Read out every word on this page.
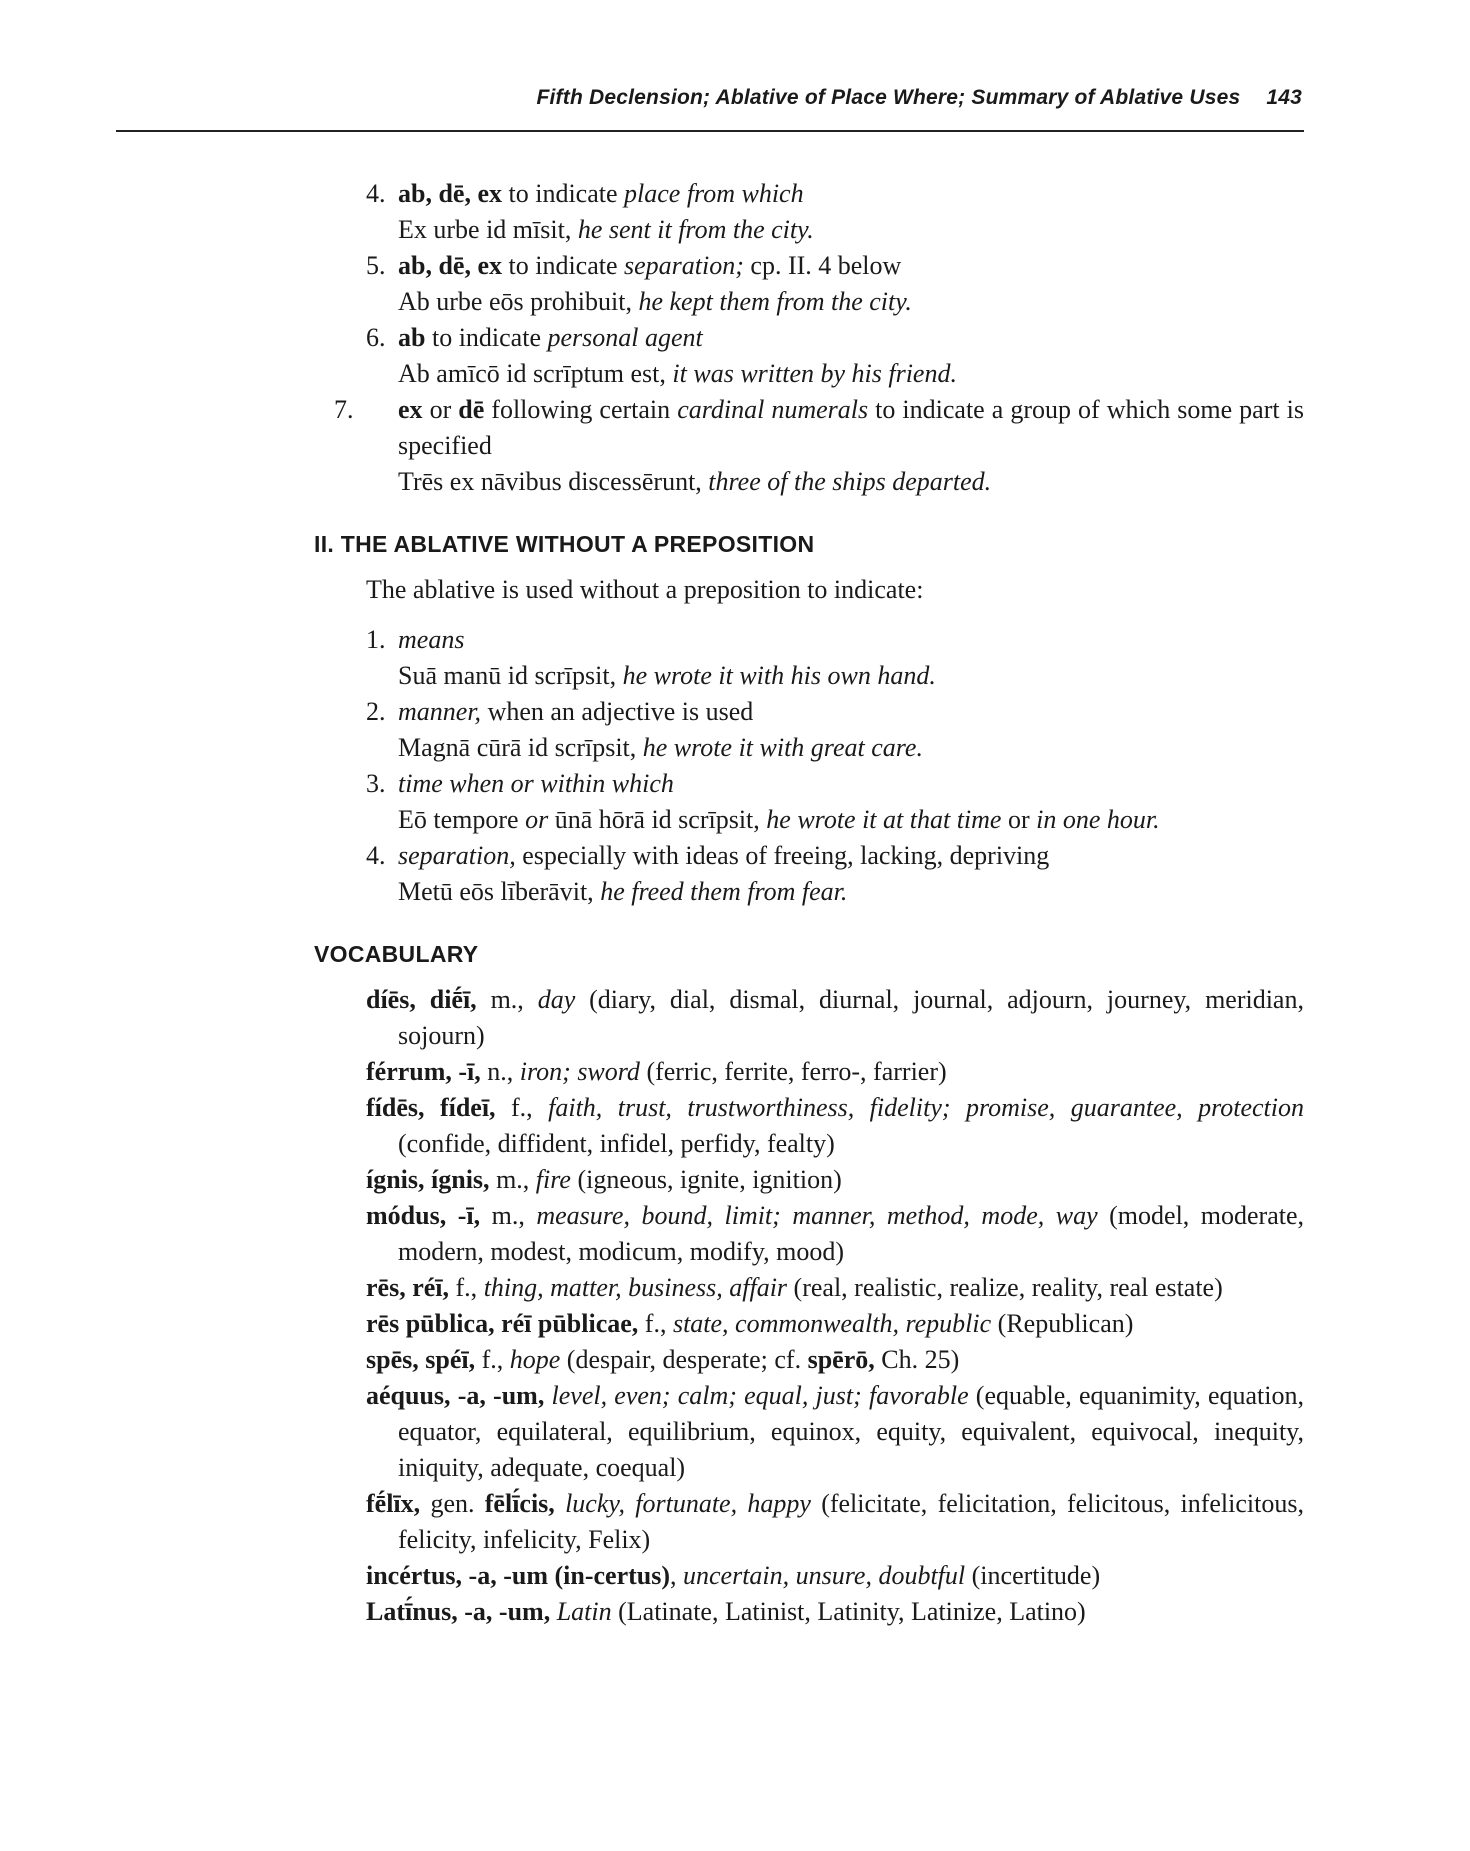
Fifth Declension; Ablative of Place Where; Summary of Ablative Uses 143
4. ab, dē, ex to indicate place from which
Ex urbe id mīsit, he sent it from the city.
5. ab, dē, ex to indicate separation; cp. II. 4 below
Ab urbe eōs prohibuit, he kept them from the city.
6. ab to indicate personal agent
Ab amīcō id scrīptum est, it was written by his friend.
7. ex or dē following certain cardinal numerals to indicate a group of which some part is specified
Trēs ex nāvibus discessērunt, three of the ships departed.
II. THE ABLATIVE WITHOUT A PREPOSITION
The ablative is used without a preposition to indicate:
1. means
Suā manū id scrīpsit, he wrote it with his own hand.
2. manner, when an adjective is used
Magnā cūrā id scrīpsit, he wrote it with great care.
3. time when or within which
Eō tempore or ūnā hōrā id scrīpsit, he wrote it at that time or in one hour.
4. separation, especially with ideas of freeing, lacking, depriving
Metū eōs līberāvit, he freed them from fear.
VOCABULARY
díēs, diḗī, m., day (diary, dial, dismal, diurnal, journal, adjourn, journey, meridian, sojourn)
férrum, -ī, n., iron; sword (ferric, ferrite, ferro-, farrier)
fídēs, fídeī, f., faith, trust, trustworthiness, fidelity; promise, guarantee, protection (confide, diffident, infidel, perfidy, fealty)
ígnis, ígnis, m., fire (igneous, ignite, ignition)
módus, -ī, m., measure, bound, limit; manner, method, mode, way (model, moderate, modern, modest, modicum, modify, mood)
rēs, réī, f., thing, matter, business, affair (real, realistic, realize, reality, real estate)
rēs pūblica, réī pūblicae, f., state, commonwealth, republic (Republican)
spēs, spéī, f., hope (despair, desperate; cf. spērō, Ch. 25)
aéquus, -a, -um, level, even; calm; equal, just; favorable (equable, equanimity, equation, equator, equilateral, equilibrium, equinox, equity, equivalent, equivocal, inequity, iniquity, adequate, coequal)
fḗlīx, gen. fēlī́cis, lucky, fortunate, happy (felicitate, felicitation, felicitous, infelicitous, felicity, infelicity, Felix)
incértus, -a, -um (in-certus), uncertain, unsure, doubtful (incertitude)
Latī́nus, -a, -um, Latin (Latinate, Latinist, Latinity, Latinize, Latino)
